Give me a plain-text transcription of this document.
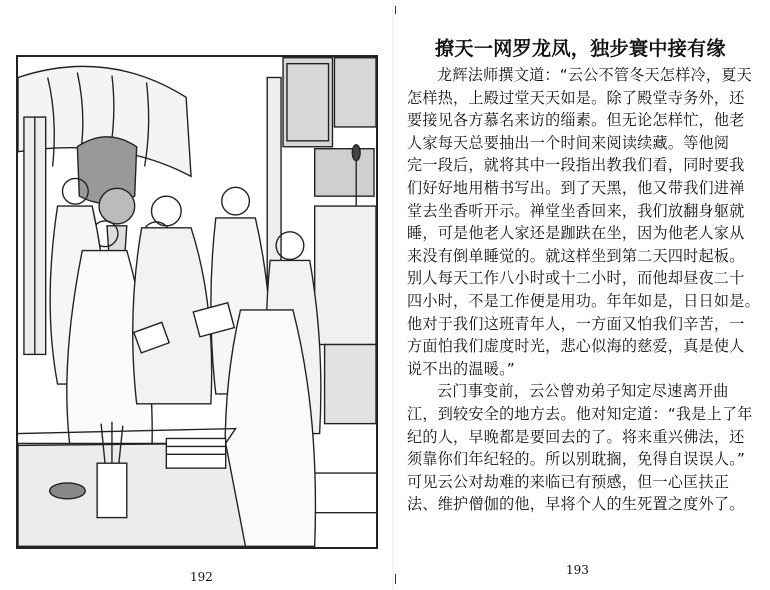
192
撩天一网罗龙凤，独步寰中接有缘
龙辉法师撰文道：“云公不管冬天怎样冷，夏天
怎样热，上殿过堂天天如是。除了殿堂寺务外，还
要接见各方慕名来访的缁素。但无论怎样忙，他老
人家每天总要抽出一个时间来阅读续藏。等他阅
完一段后，就将其中一段指出教我们看，同时要我
们好好地用楷书写出。到了天黑，他又带我们进禅
堂去坐香听开示。禅堂坐香回来，我们放翻身躯就
睡，可是他老人家还是跏趺在坐，因为他老人家从
来没有倒单睡觉的。就这样坐到第二天四时起板。
别人每天工作八小时或十二小时，而他却昼夜二十
四小时，不是工作便是用功。年年如是，日日如是。
他对于我们这班青年人，一方面又怕我们辛苦，一
方面怕我们虚度时光，悲心似海的慈爱，真是使人
说不出的温暖。”
云门事变前，云公曾劝弟子知定尽速离开曲
江，到较安全的地方去。他对知定道：“我是上了年
纪的人，早晚都是要回去的了。将来重兴佛法，还
须靠你们年纪轻的。所以别耽搁，免得自误误人。”
可见云公对劫难的来临已有预感，但一心匡扶正
法、维护僧伽的他，早将个人的生死置之度外了。
193
